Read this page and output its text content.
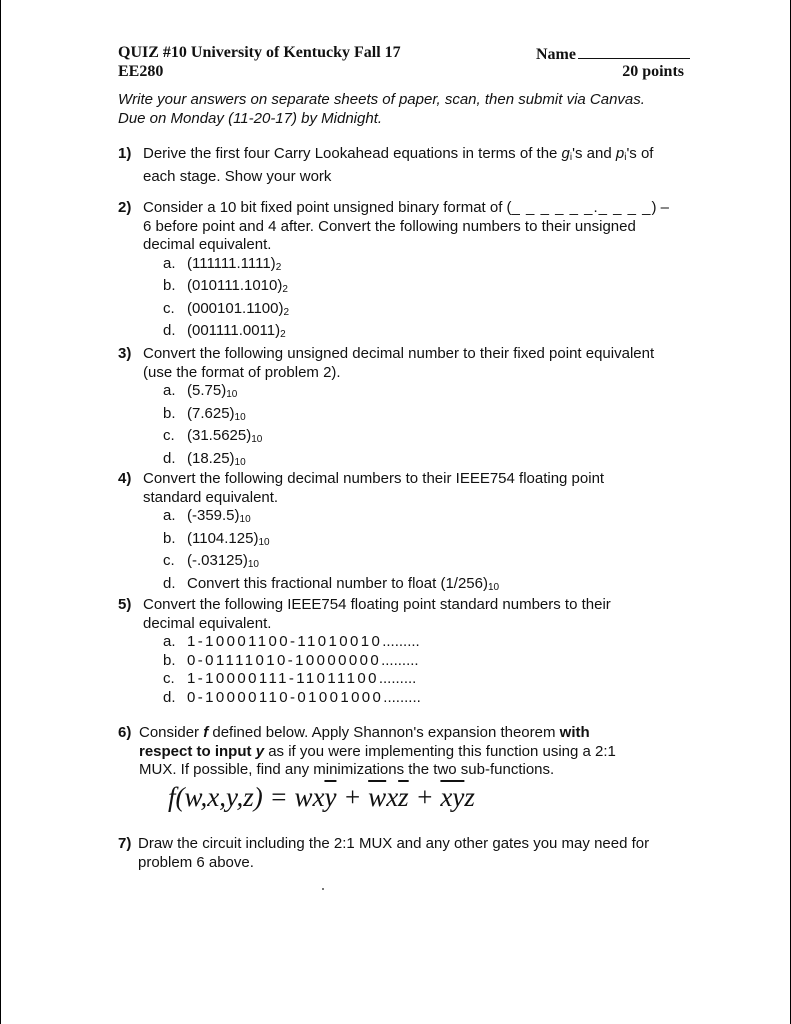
QUIZ #10 University of Kentucky Fall 17
EE280
Name
20 points
Write your answers on separate sheets of paper, scan, then submit via Canvas.
Due on Monday (11-20-17) by Midnight.
1) Derive the first four Carry Lookahead equations in terms of the $g_i's$ and $p_i's$ of
each stage. Show your work
2) Consider a 10 bit fixed point unsigned binary format of (_ _ _ _ _ _._ _ _ _) –
6 before point and 4 after. Convert the following numbers to their unsigned
decimal equivalent.
a. $(111111.1111)_2$
b. $(010111.1010)_2$
c. $(000101.1100)_2$
d. $(001111.0011)_2$
3) Convert the following unsigned decimal number to their fixed point equivalent
(use the format of problem 2).
a. $(5.75)_{10}$
b. $(7.625)_{10}$
c. $(31.5625)_{10}$
d. $(18.25)_{10}$
4) Convert the following decimal numbers to their IEEE754 floating point
standard equivalent.
a. $(-359.5)_{10}$
b. $(1104.125)_{10}$
c. $(-.03125)_{10}$
d. Convert this fractional number to float $(1/256)_{10}$
5) Convert the following IEEE754 floating point standard numbers to their
decimal equivalent.
a. 1-10001100-11010010.........
b. 0-01111010-10000000.........
c. 1-10000111-11011100.........
d. 0-10000110-01001000.........
6) Consider f defined below. Apply Shannon's expansion theorem with
respect to input y as if you were implementing this function using a 2:1
MUX. If possible, find any minimizations the two sub-functions.
$f(w,x,y,z) = wx\overline{y} + \overline{w}x\overline{z} + \overline{xy}z$
7) Draw the circuit including the 2:1 MUX and any other gates you may need for
problem 6 above.
